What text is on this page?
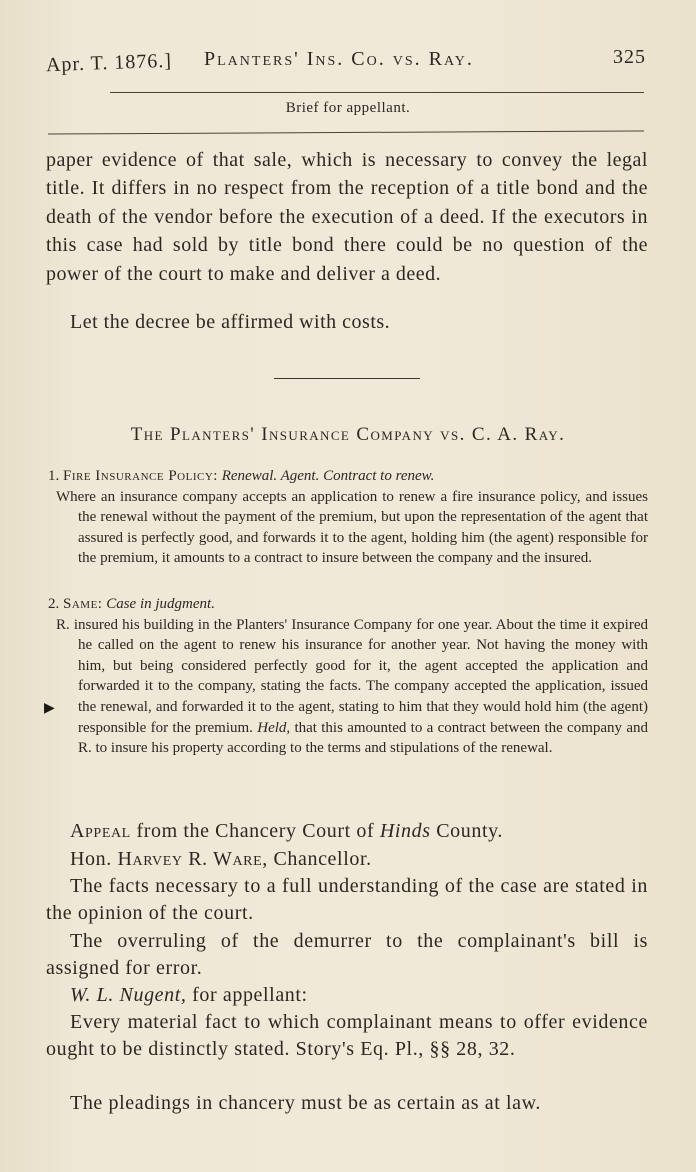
Apr. T. 1876.] Planters' Ins. Co. vs. Ray.	325
Brief for appellant.
paper evidence of that sale, which is necessary to convey the legal title. It differs in no respect from the reception of a title bond and the death of the vendor before the execution of a deed. If the executors in this case had sold by title bond there could be no question of the power of the court to make and deliver a deed.
Let the decree be affirmed with costs.
The Planters' Insurance Company vs. C. A. Ray.
1. Fire Insurance Policy: Renewal. Agent. Contract to renew.
Where an insurance company accepts an application to renew a fire insurance policy, and issues the renewal without the payment of the premium, but upon the representation of the agent that assured is perfectly good, and forwards it to the agent, holding him (the agent) responsible for the premium, it amounts to a contract to insure between the company and the insured.
2. Same: Case in judgment.
R. insured his building in the Planters' Insurance Company for one year. About the time it expired he called on the agent to renew his insurance for another year. Not having the money with him, but being considered perfectly good for it, the agent accepted the application and forwarded it to the company, stating the facts. The company accepted the application, issued the renewal, and forwarded it to the agent, stating to him that they would hold him (the agent) responsible for the premium. Held, that this amounted to a contract between the company and R. to insure his property according to the terms and stipulations of the renewal.
▶
Appeal from the Chancery Court of Hinds County.
Hon. Harvey R. Ware, Chancellor.
The facts necessary to a full understanding of the case are stated in the opinion of the court.
The overruling of the demurrer to the complainant's bill is assigned for error.
W. L. Nugent, for appellant:
Every material fact to which complainant means to offer evidence ought to be distinctly stated. Story's Eq. Pl., §§ 28, 32.
The pleadings in chancery must be as certain as at law.
